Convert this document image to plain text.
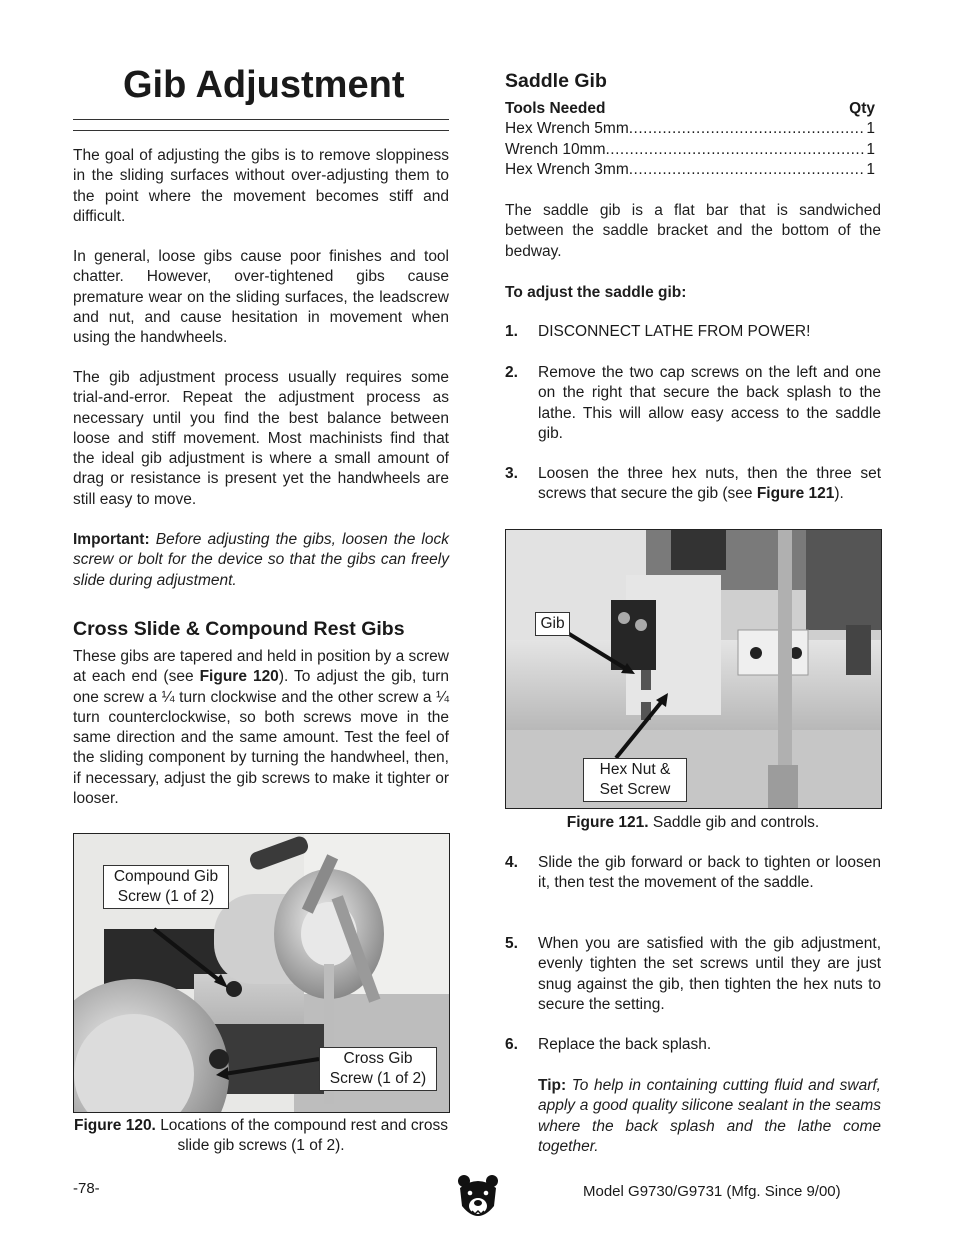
Gib Adjustment
The goal of adjusting the gibs is to remove sloppiness in the sliding surfaces without over-adjusting them to the point where the movement becomes stiff and difficult.
In general, loose gibs cause poor finishes and tool chatter. However, over-tightened gibs cause premature wear on the sliding surfaces, the leadscrew and nut, and cause hesitation in movement when using the handwheels.
The gib adjustment process usually requires some trial-and-error. Repeat the adjustment process as necessary until you find the best balance between loose and stiff movement. Most machinists find that the ideal gib adjustment is where a small amount of drag or resistance is present yet the handwheels are still easy to move.
Important: Before adjusting the gibs, loosen the lock screw or bolt for the device so that the gibs can freely slide during adjustment.
Cross Slide & Compound Rest Gibs
These gibs are tapered and held in position by a screw at each end (see Figure 120). To adjust the gib, turn one screw a ¼ turn clockwise and the other screw a ¼ turn counterclockwise, so both screws move in the same direction and the same amount. Test the feel of the sliding component by turning the handwheel, then, if necessary, adjust the gib screws to make it tighter or looser.
Compound Gib Screw (1 of 2)
Cross Gib Screw (1 of 2)
Figure 120. Locations of the compound rest and cross slide gib screws (1 of 2).
Saddle Gib
Tools Needed	Qty
Hex Wrench 5mm .....	1
Wrench 10mm .....	1
Hex Wrench 3mm .....	1
The saddle gib is a flat bar that is sandwiched between the saddle bracket and the bottom of the bedway.
To adjust the saddle gib:
1. DISCONNECT LATHE FROM POWER!
2. Remove the two cap screws on the left and one on the right that secure the back splash to the lathe. This will allow easy access to the saddle gib.
3. Loosen the three hex nuts, then the three set screws that secure the gib (see Figure 121).
Gib
Hex Nut & Set Screw
Figure 121. Saddle gib and controls.
4. Slide the gib forward or back to tighten or loosen it, then test the movement of the saddle.
5. When you are satisfied with the gib adjustment, evenly tighten the set screws until they are just snug against the gib, then tighten the hex nuts to secure the setting.
6. Replace the back splash.
Tip: To help in containing cutting fluid and swarf, apply a good quality silicone sealant in the seams where the back splash and the lathe come together.
-78-	Model G9730/G9731 (Mfg. Since 9/00)
